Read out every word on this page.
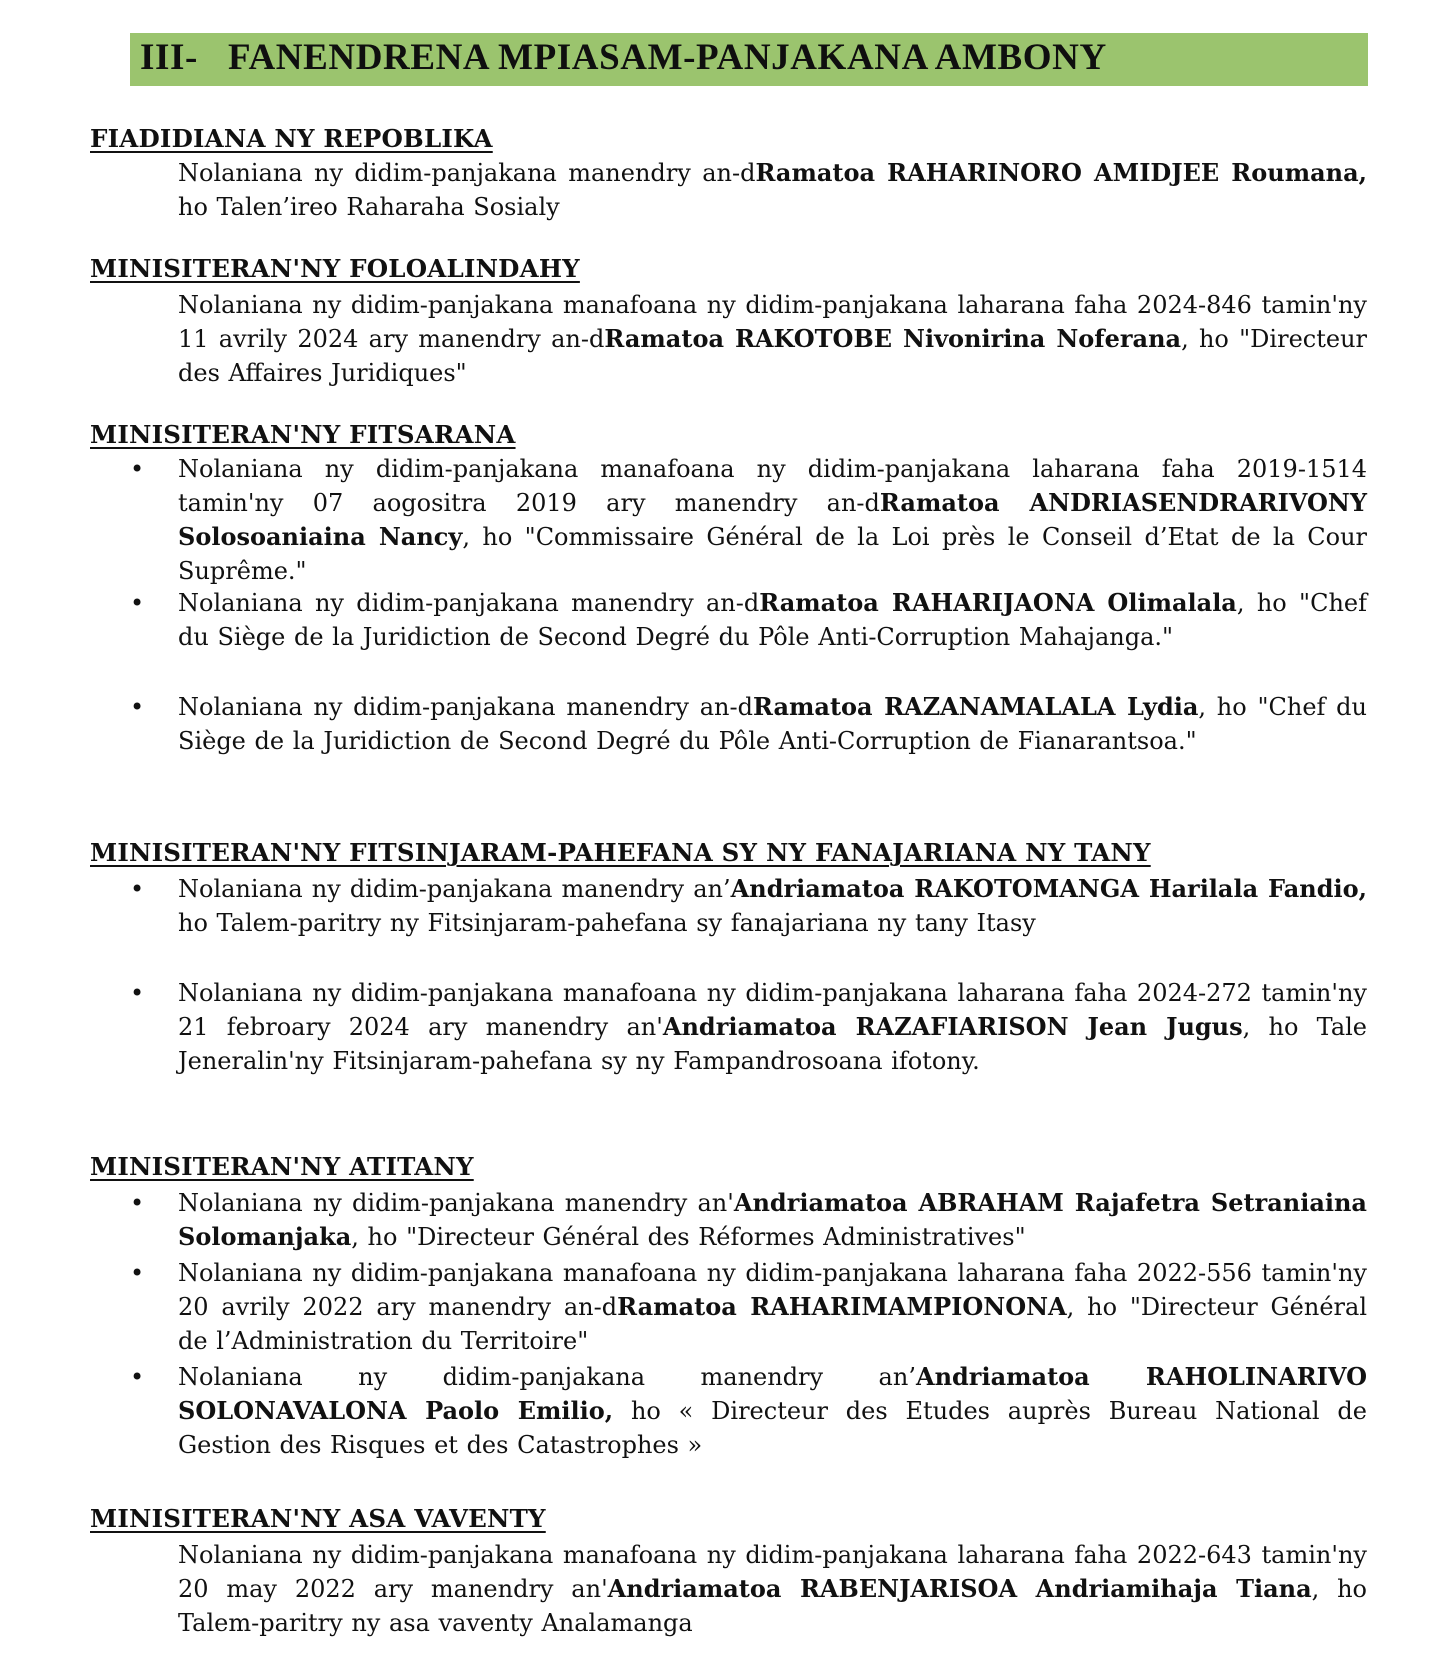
III- FANENDRENA MPIASAM-PANJAKANA AMBONY
FIADIDIANA NY REPOBLIKA
Nolaniana ny didim-panjakana manendry an-dRamatoa RAHARINORO AMIDJEE Roumana, ho Talen’ireo Raharaha Sosialy
MINISITERAN'NY FOLOALINDAHY
Nolaniana ny didim-panjakana manafoana ny didim-panjakana laharana faha 2024-846 tamin'ny 11 avrily 2024 ary manendry an-dRamatoa RAKOTOBE Nivonirina Noferana, ho "Directeur des Affaires Juridiques"
MINISITERAN'NY FITSARANA
• Nolaniana ny didim-panjakana manafoana ny didim-panjakana laharana faha 2019-1514 tamin'ny 07 aogositra 2019 ary manendry an-dRamatoa ANDRIASENDRARIVONY Solosoaniaina Nancy, ho "Commissaire Général de la Loi près le Conseil d’Etat de la Cour Suprême."
• Nolaniana ny didim-panjakana manendry an-dRamatoa RAHARIJAONA Olimalala, ho "Chef du Siège de la Juridiction de Second Degré du Pôle Anti-Corruption Mahajanga."
• Nolaniana ny didim-panjakana manendry an-dRamatoa RAZANAMALALA Lydia, ho "Chef du Siège de la Juridiction de Second Degré du Pôle Anti-Corruption de Fianarantsoa."
MINISITERAN'NY FITSINJARAM-PAHEFANA SY NY FANAJARIANA NY TANY
• Nolaniana ny didim-panjakana manendry an’Andriamatoa RAKOTOMANGA Harilala Fandio, ho Talem-paritry ny Fitsinjaram-pahefana sy fanajariana ny tany Itasy
• Nolaniana ny didim-panjakana manafoana ny didim-panjakana laharana faha 2024-272 tamin'ny 21 febroary 2024 ary manendry an'Andriamatoa RAZAFIARISON Jean Jugus, ho Tale Jeneralin'ny Fitsinjaram-pahefana sy ny Fampandrosoana ifotony.
MINISITERAN'NY ATITANY
• Nolaniana ny didim-panjakana manendry an'Andriamatoa ABRAHAM Rajafetra Setraniaina Solomanjaka, ho "Directeur Général des Réformes Administratives"
• Nolaniana ny didim-panjakana manafoana ny didim-panjakana laharana faha 2022-556 tamin'ny 20 avrily 2022 ary manendry an-dRamatoa RAHARIMAMPIONONA, ho "Directeur Général de l’Administration du Territoire"
• Nolaniana ny didim-panjakana manendry an’Andriamatoa RAHOLINARIVO SOLONAVALONA Paolo Emilio, ho « Directeur des Etudes auprès Bureau National de Gestion des Risques et des Catastrophes »
MINISITERAN'NY ASA VAVENTY
Nolaniana ny didim-panjakana manafoana ny didim-panjakana laharana faha 2022-643 tamin'ny 20 may 2022 ary manendry an'Andriamatoa RABENJARISOA Andriamihaja Tiana, ho Talem-paritry ny asa vaventy Analamanga
